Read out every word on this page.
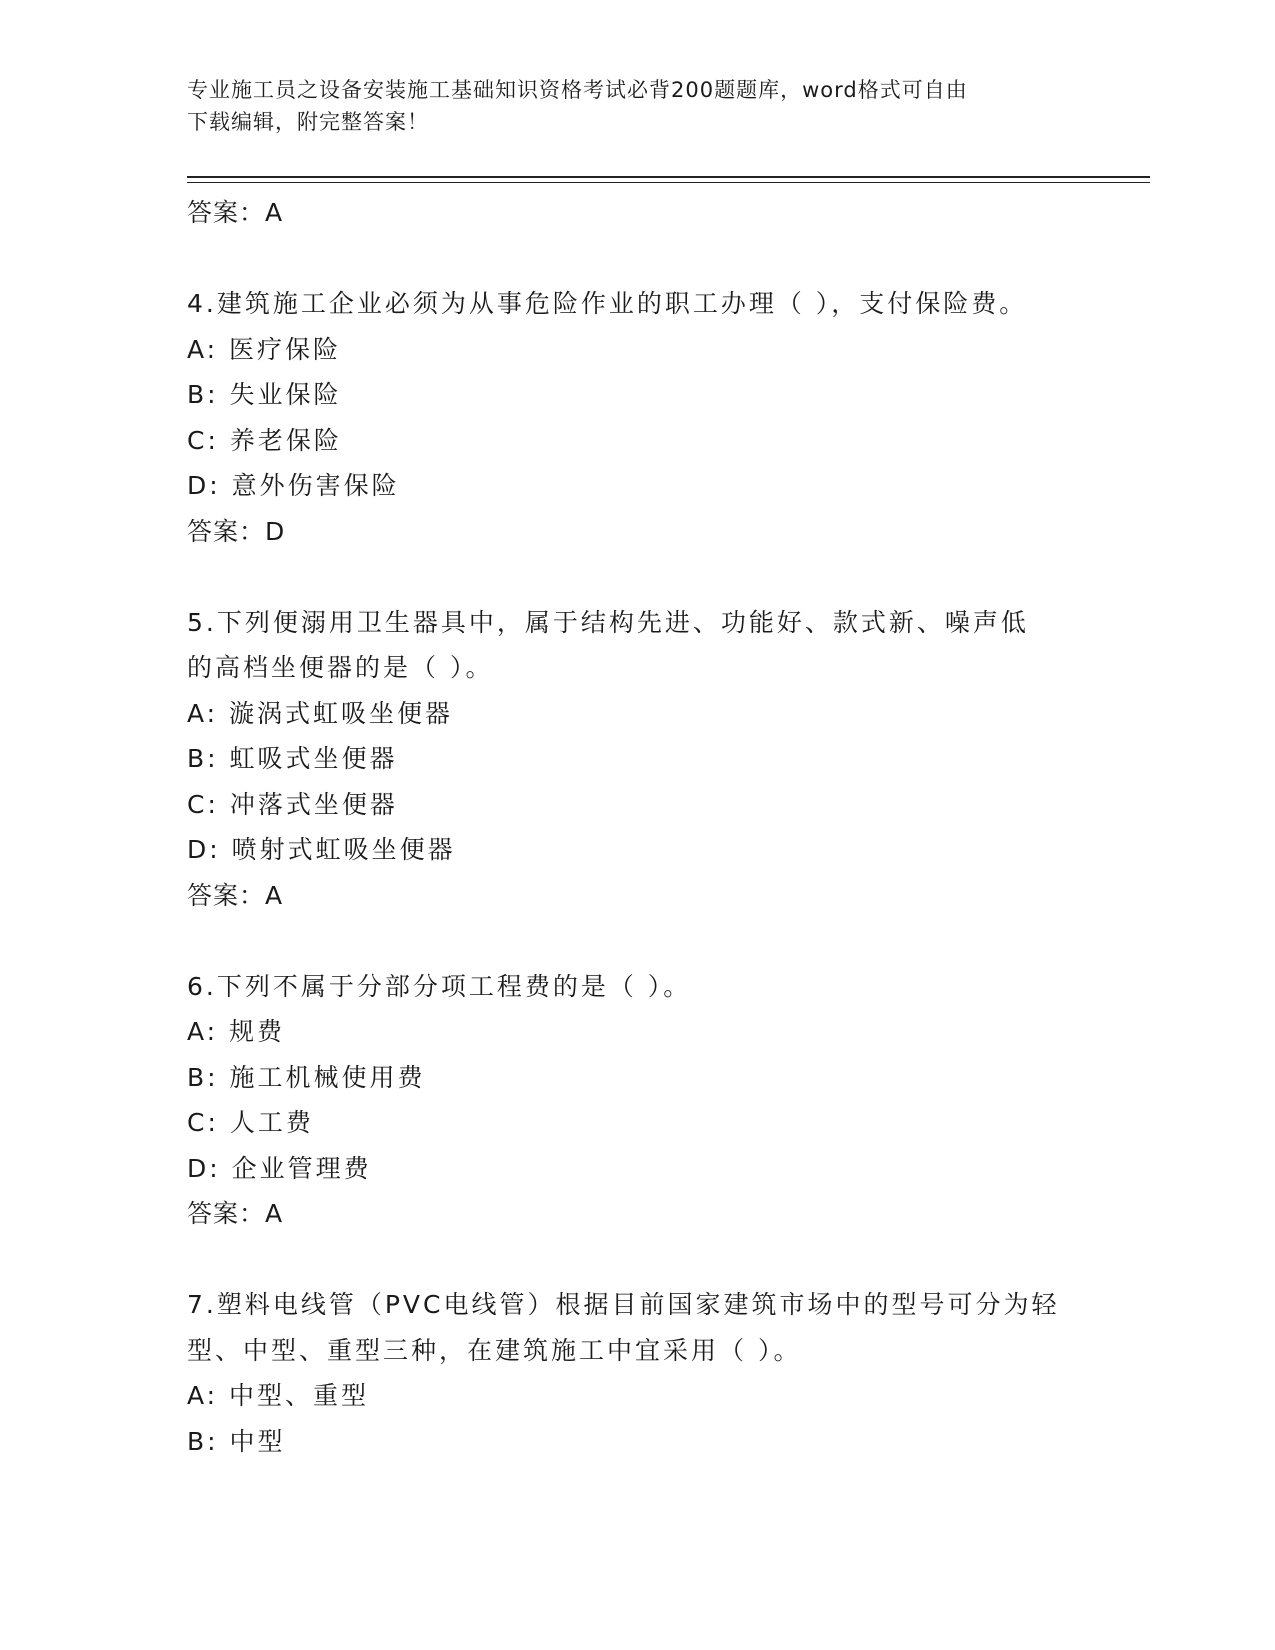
专业施工员之设备安装施工基础知识资格考试必背200题题库，word格式可自由
下载编辑，附完整答案！
答案：A
4.建筑施工企业必须为从事危险作业的职工办理（ ），支付保险费。
A: 医疗保险
B: 失业保险
C: 养老保险
D: 意外伤害保险
答案：D
5.下列便溺用卫生器具中，属于结构先进、功能好、款式新、噪声低
的高档坐便器的是（ ）。
A: 漩涡式虹吸坐便器
B: 虹吸式坐便器
C: 冲落式坐便器
D: 喷射式虹吸坐便器
答案：A
6.下列不属于分部分项工程费的是（ ）。
A: 规费
B: 施工机械使用费
C: 人工费
D: 企业管理费
答案：A
7.塑料电线管（PVC电线管）根据目前国家建筑市场中的型号可分为轻
型、中型、重型三种，在建筑施工中宜采用（ ）。
A: 中型、重型
B: 中型
